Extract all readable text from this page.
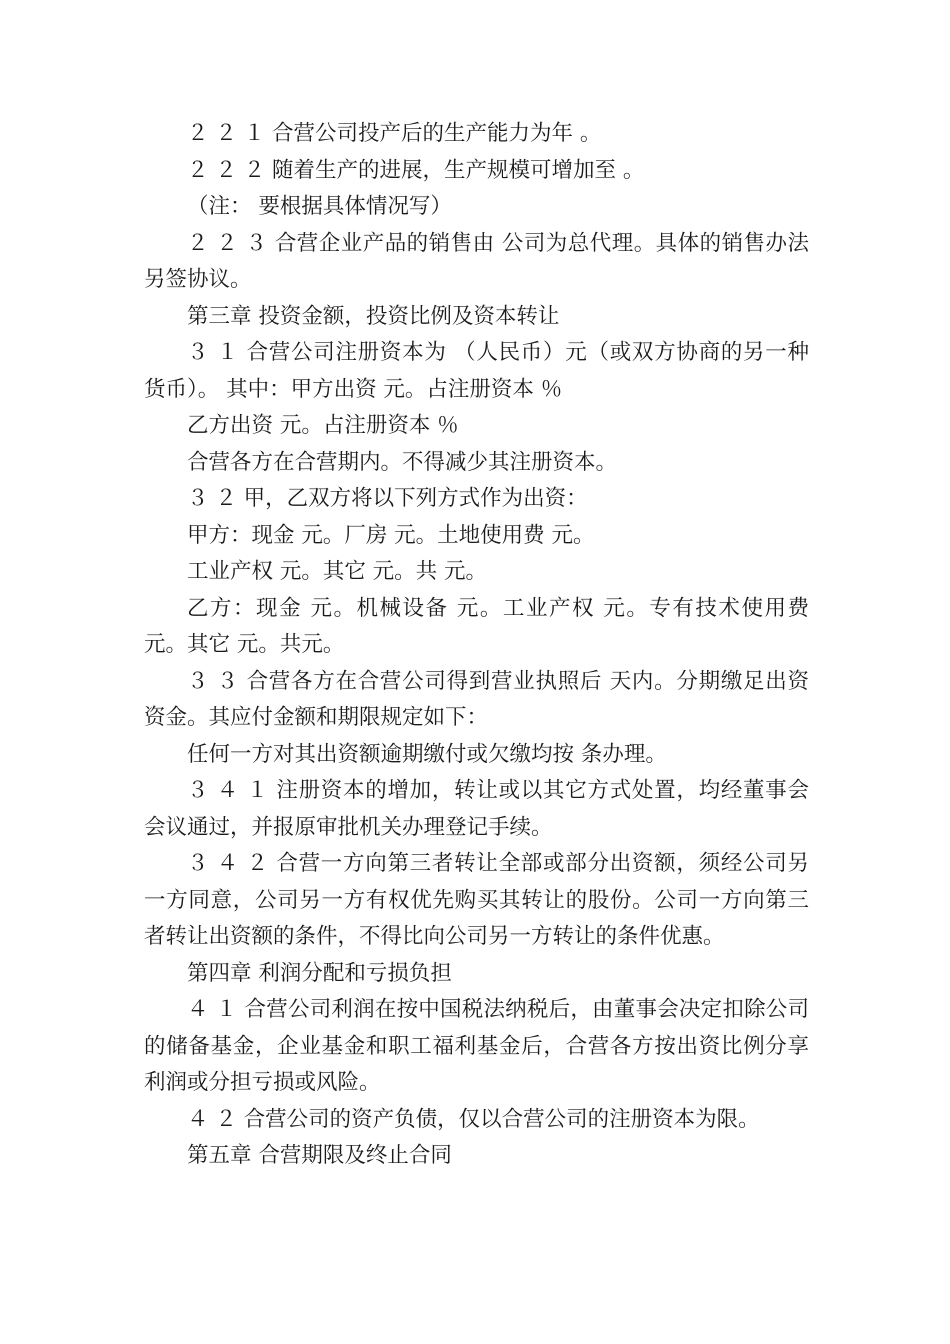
２ ２ １ 合营公司投产后的生产能力为年 。

２ ２ ２ 随着生产的进展，生产规模可增加至 。

（注： 要根据具体情况写）

２ ２ ３ 合营企业产品的销售由 公司为总代理。具体的销售办法另签协议。

第三章 投资金额，投资比例及资本转让

３ １ 合营公司注册资本为 （人民币）元（或双方协商的另一种货币）。 其中：甲方出资 元。占注册资本 ％

乙方出资 元。占注册资本 ％

合营各方在合营期内。不得减少其注册资本。

３ ２ 甲，乙双方将以下列方式作为出资：

甲方：现金 元。厂房 元。土地使用费 元。

工业产权 元。其它 元。共 元。

乙方：现金 元。机械设备 元。工业产权 元。专有技术使用费 元。其它 元。共元。

３ ３ 合营各方在合营公司得到营业执照后 天内。分期缴足出资资金。其应付金额和期限规定如下：

任何一方对其出资额逾期缴付或欠缴均按 条办理。

３ ４ １ 注册资本的增加，转让或以其它方式处置，均经董事会会议通过，并报原审批机关办理登记手续。

３ ４ ２ 合营一方向第三者转让全部或部分出资额，须经公司另一方同意，公司另一方有权优先购买其转让的股份。公司一方向第三者转让出资额的条件，不得比向公司另一方转让的条件优惠。

第四章 利润分配和亏损负担

４ １ 合营公司利润在按中国税法纳税后，由董事会决定扣除公司的储备基金，企业基金和职工福利基金后，合营各方按出资比例分享利润或分担亏损或风险。

４ ２ 合营公司的资产负债，仅以合营公司的注册资本为限。

第五章 合营期限及终止合同
